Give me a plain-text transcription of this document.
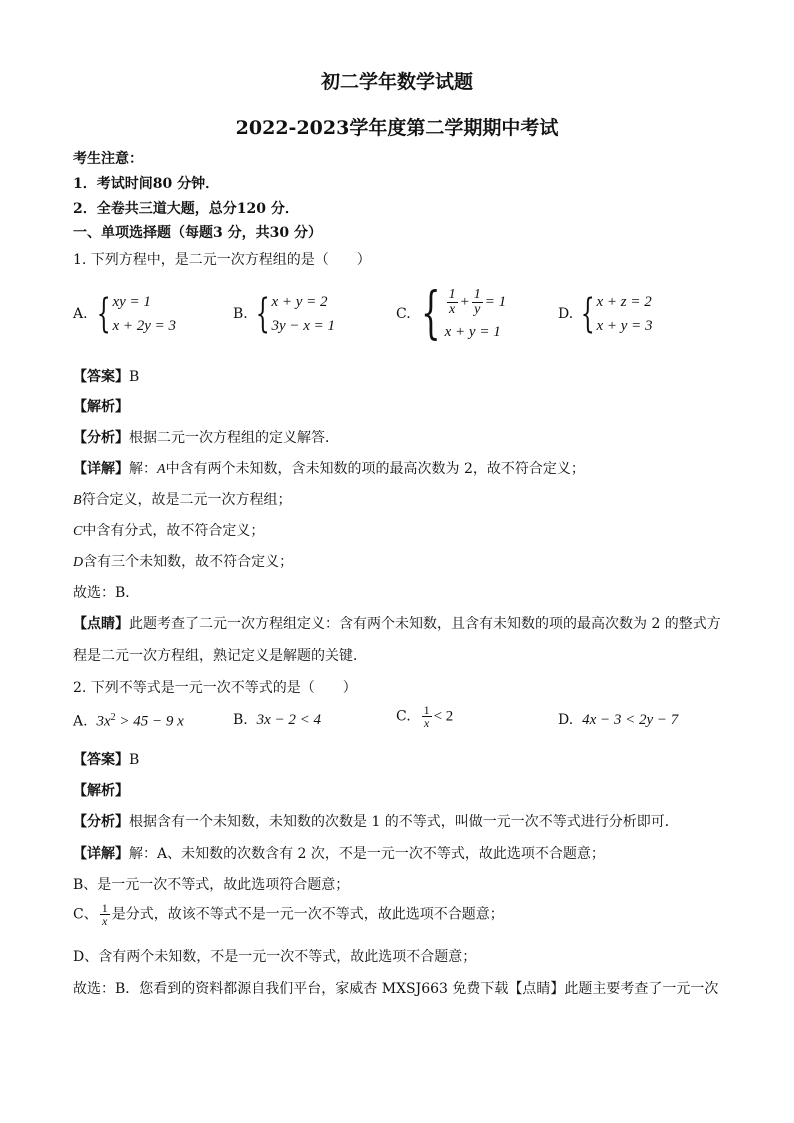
初二学年数学试题
2022-2023学年度第二学期期中考试
考生注意：
1．考试时间80 分钟．
2．全卷共三道大题，总分120 分．
一、单项选择题（每题3 分，共30 分）
1. 下列方程中，是二元一次方程组的是（　　）
A. { xy = 1
x + 2y = 3
B. { x + y = 2
3y − x = 1
C. { $\frac{1}{x} + \frac{1}{y} = 1$
x + y = 1
D. { x + z = 2
x + y = 3
【答案】B
【解析】
【分析】根据二元一次方程组的定义解答．
【详解】解：A中含有两个未知数，含未知数的项的最高次数为 2，故不符合定义；
B符合定义，故是二元一次方程组；
C中含有分式，故不符合定义；
D含有三个未知数，故不符合定义；
故选：B．
【点睛】此题考查了二元一次方程组定义：含有两个未知数，且含有未知数的项的最高次数为 2 的整式方
程是二元一次方程组，熟记定义是解题的关键．
2. 下列不等式是一元一次不等式的是（　　）
A. $3x^2 > 45 - 9$ x	B. 3x − 2 < 4	C. $\frac{1}{x} < 2$	D. 4x − 3 < 2y − 7
【答案】B
【解析】
【分析】根据含有一个未知数，未知数的次数是 1 的不等式，叫做一元一次不等式进行分析即可．
【详解】解：A、未知数的次数含有 2 次，不是一元一次不等式，故此选项不合题意；
B、是一元一次不等式，故此选项符合题意；
C、 $\frac{1}{x}$ 是分式，故该不等式不是一元一次不等式，故此选项不合题意；
D、含有两个未知数，不是一元一次不等式，故此选项不合题意；
故选：B．您看到的资料都源自我们平台，家威杏 MXSJ663 免费下载【点睛】此题主要考查了一元一次
